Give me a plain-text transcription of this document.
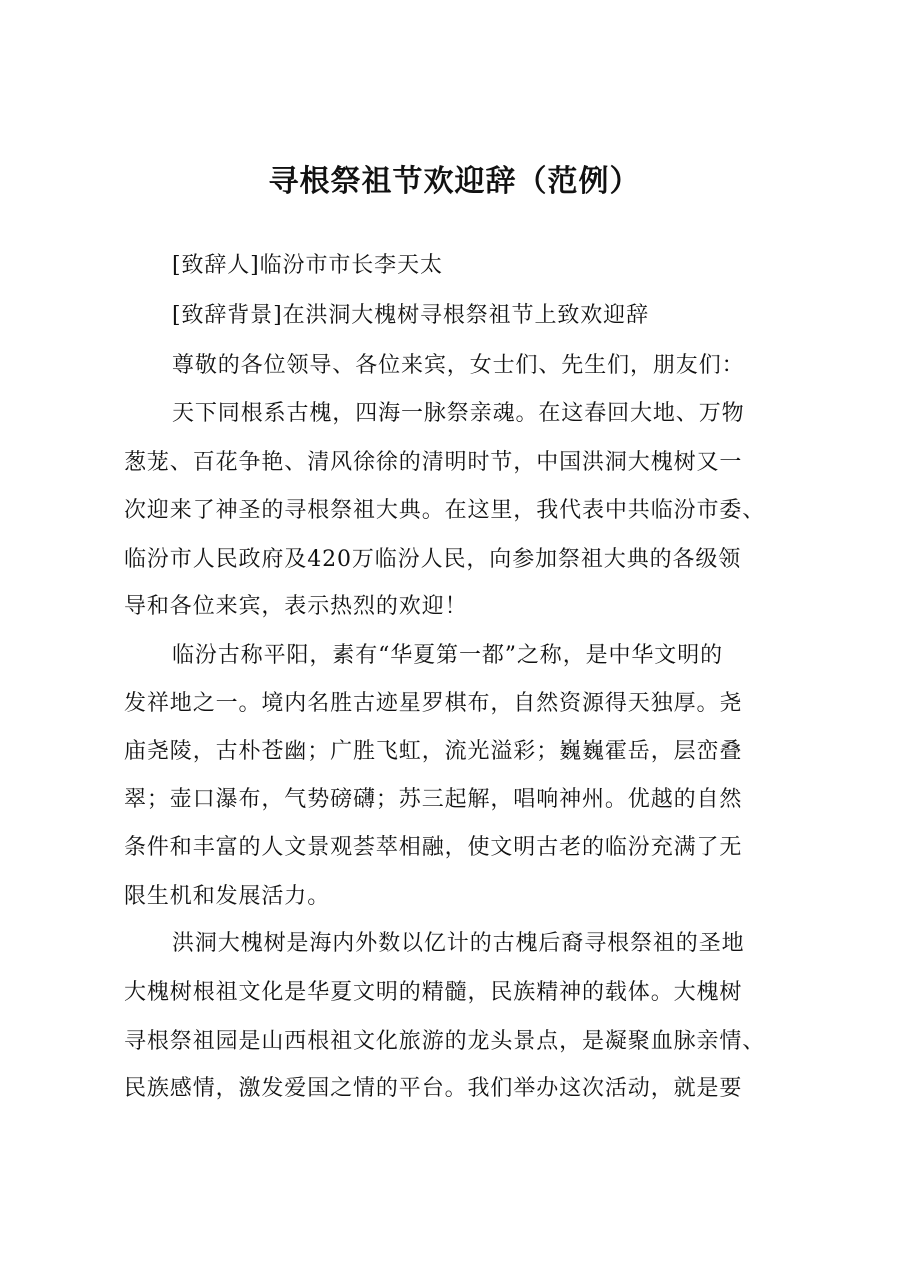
寻根祭祖节欢迎辞（范例）
[致辞人]临汾市市长李天太
[致辞背景]在洪洞大槐树寻根祭祖节上致欢迎辞
尊敬的各位领导、各位来宾，女士们、先生们，朋友们：
天下同根系古槐，四海一脉祭亲魂。在这春回大地、万物
葱茏、百花争艳、清风徐徐的清明时节，中国洪洞大槐树又一
次迎来了神圣的寻根祭祖大典。在这里，我代表中共临汾市委、
临汾市人民政府及420万临汾人民，向参加祭祖大典的各级领
导和各位来宾，表示热烈的欢迎！
临汾古称平阳，素有“华夏第一都”之称，是中华文明的
发祥地之一。境内名胜古迹星罗棋布，自然资源得天独厚。尧
庙尧陵，古朴苍幽；广胜飞虹，流光溢彩；巍巍霍岳，层峦叠
翠；壶口瀑布，气势磅礴；苏三起解，唱响神州。优越的自然
条件和丰富的人文景观荟萃相融，使文明古老的临汾充满了无
限生机和发展活力。
洪洞大槐树是海内外数以亿计的古槐后裔寻根祭祖的圣地
大槐树根祖文化是华夏文明的精髓，民族精神的载体。大槐树
寻根祭祖园是山西根祖文化旅游的龙头景点，是凝聚血脉亲情、
民族感情，激发爱国之情的平台。我们举办这次活动，就是要
